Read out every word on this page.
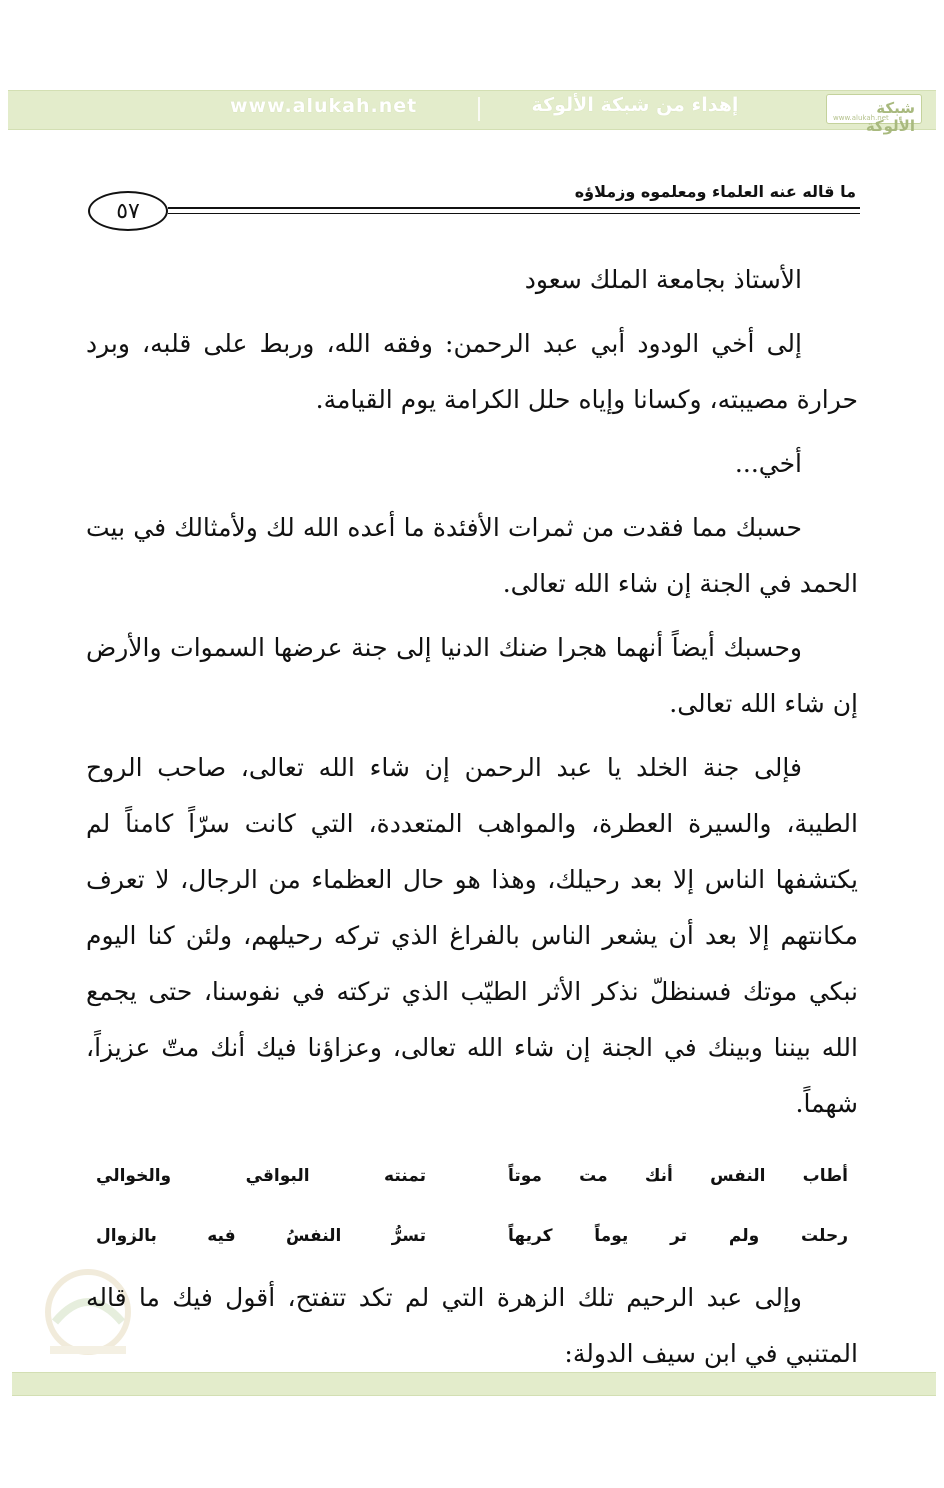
www.alukah.net	إهداء من شبكة الألوكة	شبكة الألوكة
www.alukah.net
ما قاله عنه العلماء ومعلموه وزملاؤه
٥٧

الأستاذ بجامعة الملك سعود

إلى أخي الودود أبي عبد الرحمن: وفقه الله، وربط على قلبه، وبرد حرارة مصيبته، وكسانا وإياه حلل الكرامة يوم القيامة.

أخي...

حسبك مما فقدت من ثمرات الأفئدة ما أعده الله لك ولأمثالك في بيت الحمد في الجنة إن شاء الله تعالى.

وحسبك أيضاً أنهما هجرا ضنك الدنيا إلى جنة عرضها السموات والأرض إن شاء الله تعالى.

فإلى جنة الخلد يا عبد الرحمن إن شاء الله تعالى، صاحب الروح الطيبة، والسيرة العطرة، والمواهب المتعددة، التي كانت سرّاً كامناً لم يكتشفها الناس إلا بعد رحيلك، وهذا هو حال العظماء من الرجال، لا تعرف مكانتهم إلا بعد أن يشعر الناس بالفراغ الذي تركه رحيلهم، ولئن كنا اليوم نبكي موتك فسنظلّ نذكر الأثر الطيّب الذي تركته في نفوسنا، حتى يجمع الله بيننا وبينك في الجنة إن شاء الله تعالى، وعزاؤنا فيك أنك متّ عزيزاً، شهماً.

أطاب النفس أنك مت موتاً
تمنته البواقي والخوالي
رحلت ولم تر يوماً كريهاً
تسرُّ النفسُ فيه بالزوال

وإلى عبد الرحيم تلك الزهرة التي لم تكد تتفتح، أقول فيك ما قاله المتنبي في ابن سيف الدولة:
